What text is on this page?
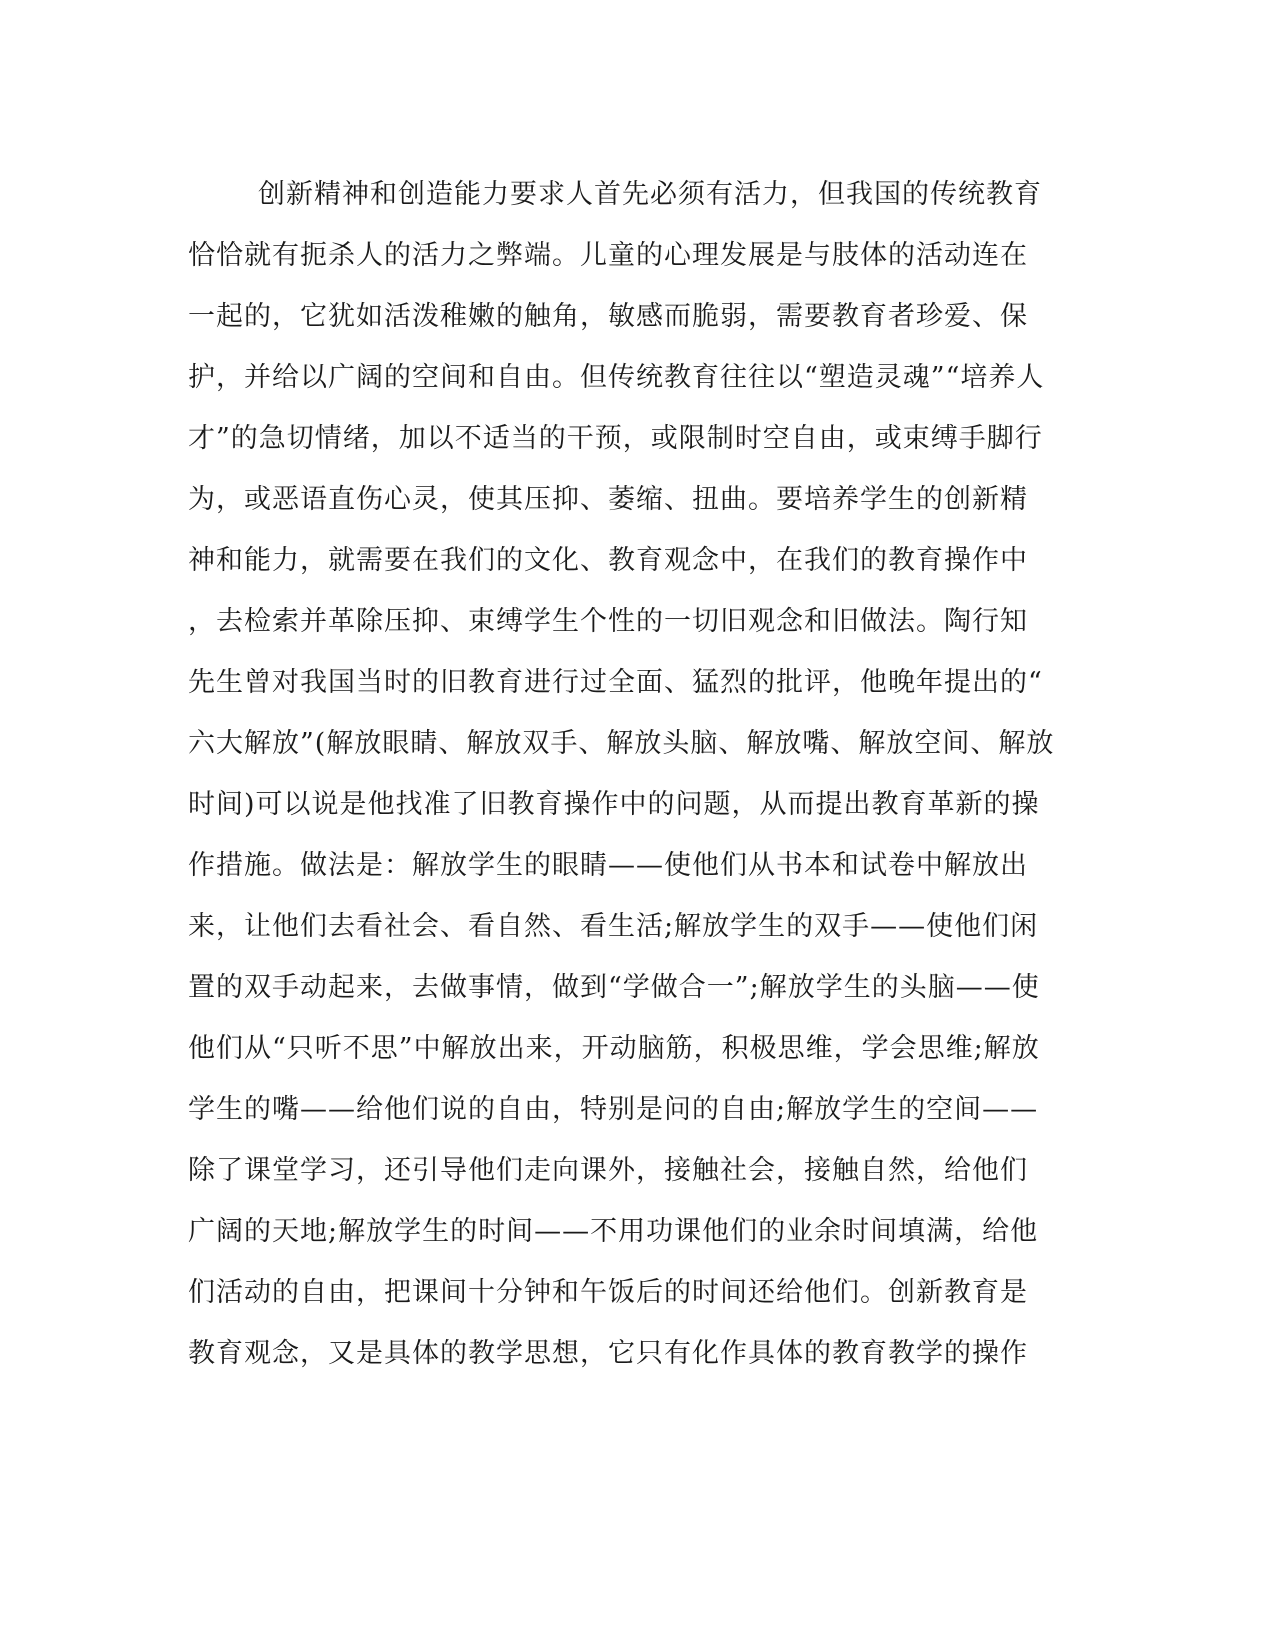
创新精神和创造能力要求人首先必须有活力，但我国的传统教育
恰恰就有扼杀人的活力之弊端。儿童的心理发展是与肢体的活动连在
一起的，它犹如活泼稚嫩的触角，敏感而脆弱，需要教育者珍爱、保
护，并给以广阔的空间和自由。但传统教育往往以“塑造灵魂”“培养人
才”的急切情绪，加以不适当的干预，或限制时空自由，或束缚手脚行
为，或恶语直伤心灵，使其压抑、萎缩、扭曲。要培养学生的创新精
神和能力，就需要在我们的文化、教育观念中，在我们的教育操作中
，去检索并革除压抑、束缚学生个性的一切旧观念和旧做法。陶行知
先生曾对我国当时的旧教育进行过全面、猛烈的批评，他晚年提出的“
六大解放”(解放眼睛、解放双手、解放头脑、解放嘴、解放空间、解放
时间)可以说是他找准了旧教育操作中的问题，从而提出教育革新的操
作措施。做法是：解放学生的眼睛——使他们从书本和试卷中解放出
来，让他们去看社会、看自然、看生活;解放学生的双手——使他们闲
置的双手动起来，去做事情，做到“学做合一”;解放学生的头脑——使
他们从“只听不思”中解放出来，开动脑筋，积极思维，学会思维;解放
学生的嘴——给他们说的自由，特别是问的自由;解放学生的空间——
除了课堂学习，还引导他们走向课外，接触社会，接触自然，给他们
广阔的天地;解放学生的时间——不用功课他们的业余时间填满，给他
们活动的自由，把课间十分钟和午饭后的时间还给他们。创新教育是
教育观念，又是具体的教学思想，它只有化作具体的教育教学的操作
